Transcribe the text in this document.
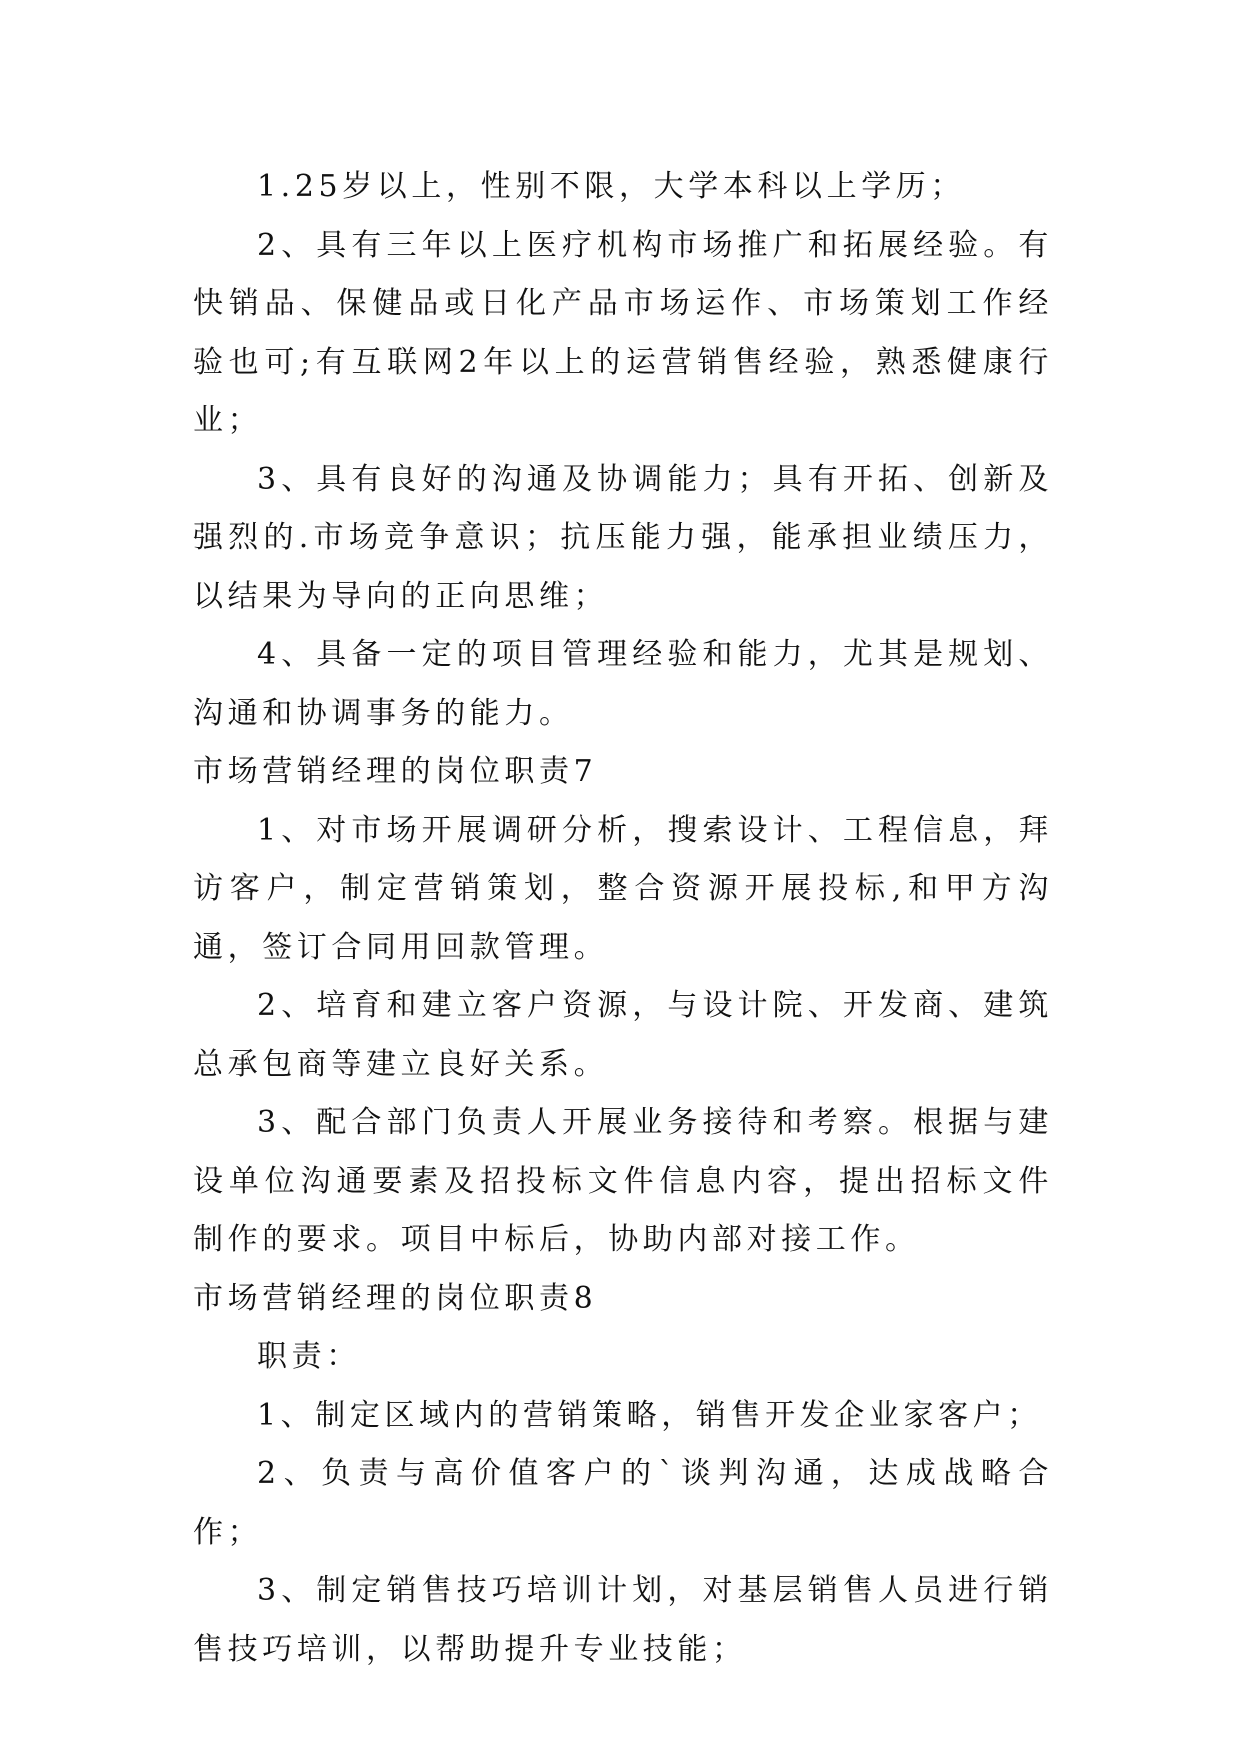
1.25岁以上，性别不限，大学本科以上学历；

2、具有三年以上医疗机构市场推广和拓展经验。有快销品、保健品或日化产品市场运作、市场策划工作经验也可;有互联网2年以上的运营销售经验，熟悉健康行业；

3、具有良好的沟通及协调能力；具有开拓、创新及强烈的.市场竞争意识；抗压能力强，能承担业绩压力，以结果为导向的正向思维；

4、具备一定的项目管理经验和能力，尤其是规划、沟通和协调事务的能力。

市场营销经理的岗位职责7

1、对市场开展调研分析，搜索设计、工程信息，拜访客户，制定营销策划，整合资源开展投标,和甲方沟通，签订合同用回款管理。

2、培育和建立客户资源，与设计院、开发商、建筑总承包商等建立良好关系。

3、配合部门负责人开展业务接待和考察。根据与建设单位沟通要素及招投标文件信息内容，提出招标文件制作的要求。项目中标后，协助内部对接工作。

市场营销经理的岗位职责8

职责：

1、制定区域内的营销策略，销售开发企业家客户；

2、负责与高价值客户的`谈判沟通，达成战略合作；

3、制定销售技巧培训计划，对基层销售人员进行销售技巧培训，以帮助提升专业技能；
